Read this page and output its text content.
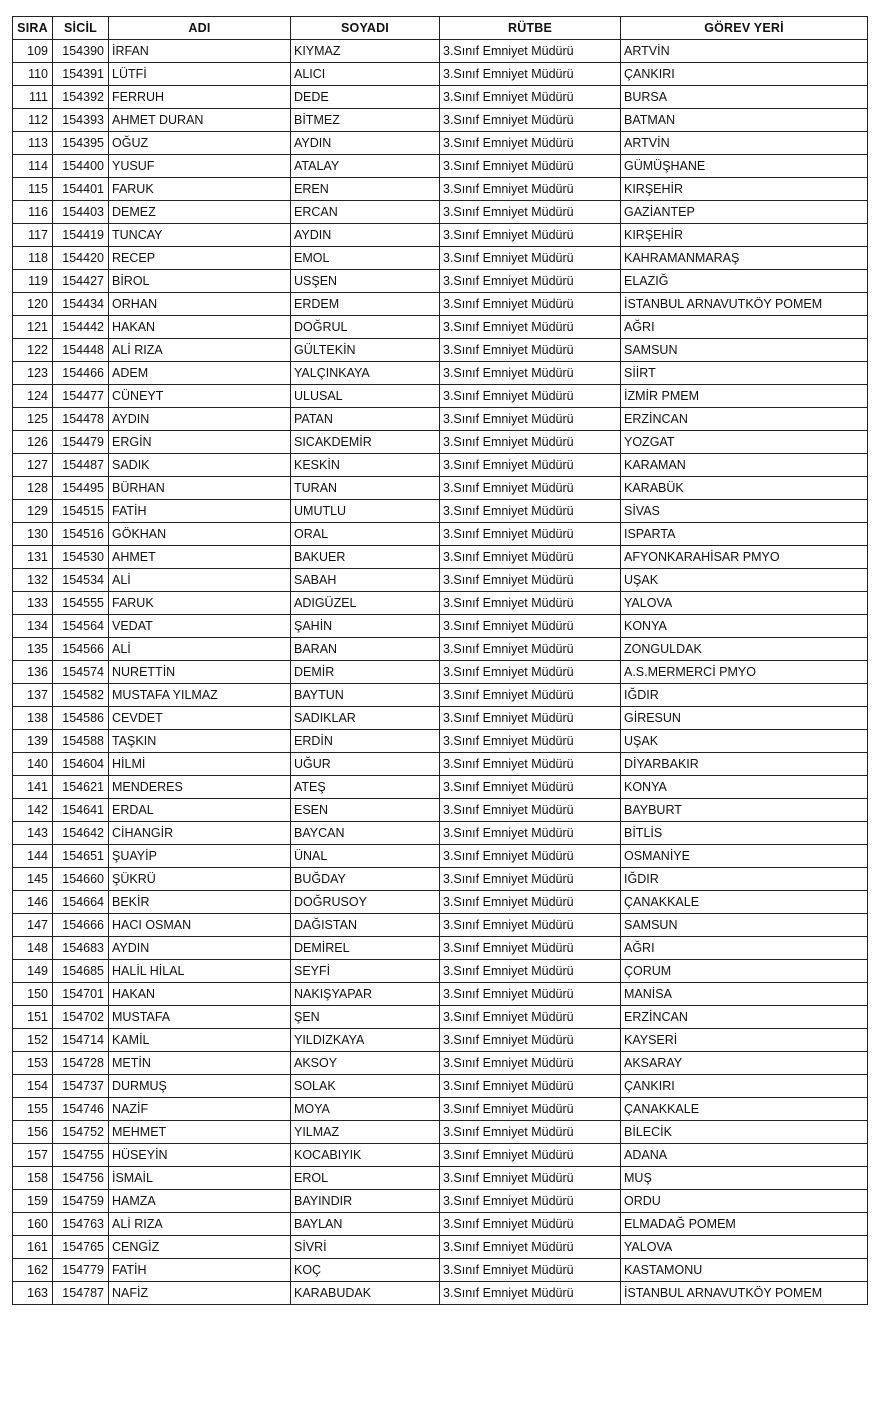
SIRA	SİCİL	ADI	SOYADI	RÜTBE	GÖREV YERİ
109	154390	İRFAN	KIYMAZ	3.Sınıf Emniyet Müdürü	ARTVİN
110	154391	LÜTFİ	ALICI	3.Sınıf Emniyet Müdürü	ÇANKIRI
111	154392	FERRUH	DEDE	3.Sınıf Emniyet Müdürü	BURSA
112	154393	AHMET DURAN	BİTMEZ	3.Sınıf Emniyet Müdürü	BATMAN
113	154395	OĞUZ	AYDIN	3.Sınıf Emniyet Müdürü	ARTVİN
114	154400	YUSUF	ATALAY	3.Sınıf Emniyet Müdürü	GÜMÜŞHANE
115	154401	FARUK	EREN	3.Sınıf Emniyet Müdürü	KIRŞEHİR
116	154403	DEMEZ	ERCAN	3.Sınıf Emniyet Müdürü	GAZİANTEP
117	154419	TUNCAY	AYDIN	3.Sınıf Emniyet Müdürü	KIRŞEHİR
118	154420	RECEP	EMOL	3.Sınıf Emniyet Müdürü	KAHRAMANMARAŞ
119	154427	BİROL	USŞEN	3.Sınıf Emniyet Müdürü	ELAZIĞ
120	154434	ORHAN	ERDEM	3.Sınıf Emniyet Müdürü	İSTANBUL ARNAVUTKÖY POMEM
121	154442	HAKAN	DOĞRUL	3.Sınıf Emniyet Müdürü	AĞRI
122	154448	ALİ RIZA	GÜLTEKİN	3.Sınıf Emniyet Müdürü	SAMSUN
123	154466	ADEM	YALÇINKAYA	3.Sınıf Emniyet Müdürü	SİİRT
124	154477	CÜNEYT	ULUSAL	3.Sınıf Emniyet Müdürü	İZMİR PMEM
125	154478	AYDIN	PATAN	3.Sınıf Emniyet Müdürü	ERZİNCAN
126	154479	ERGİN	SICAKDEMİR	3.Sınıf Emniyet Müdürü	YOZGAT
127	154487	SADIK	KESKİN	3.Sınıf Emniyet Müdürü	KARAMAN
128	154495	BÜRHAN	TURAN	3.Sınıf Emniyet Müdürü	KARABÜK
129	154515	FATİH	UMUTLU	3.Sınıf Emniyet Müdürü	SİVAS
130	154516	GÖKHAN	ORAL	3.Sınıf Emniyet Müdürü	ISPARTA
131	154530	AHMET	BAKUER	3.Sınıf Emniyet Müdürü	AFYONKARAHİSAR PMYO
132	154534	ALİ	SABAH	3.Sınıf Emniyet Müdürü	UŞAK
133	154555	FARUK	ADIGÜZEL	3.Sınıf Emniyet Müdürü	YALOVA
134	154564	VEDAT	ŞAHİN	3.Sınıf Emniyet Müdürü	KONYA
135	154566	ALİ	BARAN	3.Sınıf Emniyet Müdürü	ZONGULDAK
136	154574	NURETTİN	DEMİR	3.Sınıf Emniyet Müdürü	A.S.MERMERCİ PMYO
137	154582	MUSTAFA YILMAZ	BAYTUN	3.Sınıf Emniyet Müdürü	IĞDIR
138	154586	CEVDET	SADIKLAR	3.Sınıf Emniyet Müdürü	GİRESUN
139	154588	TAŞKIN	ERDİN	3.Sınıf Emniyet Müdürü	UŞAK
140	154604	HİLMİ	UĞUR	3.Sınıf Emniyet Müdürü	DİYARBAKIR
141	154621	MENDERES	ATEŞ	3.Sınıf Emniyet Müdürü	KONYA
142	154641	ERDAL	ESEN	3.Sınıf Emniyet Müdürü	BAYBURT
143	154642	CİHANGİR	BAYCAN	3.Sınıf Emniyet Müdürü	BİTLİS
144	154651	ŞUAYİP	ÜNAL	3.Sınıf Emniyet Müdürü	OSMANİYE
145	154660	ŞÜKRÜ	BUĞDAY	3.Sınıf Emniyet Müdürü	IĞDIR
146	154664	BEKİR	DOĞRUSOY	3.Sınıf Emniyet Müdürü	ÇANAKKALE
147	154666	HACI OSMAN	DAĞISTAN	3.Sınıf Emniyet Müdürü	SAMSUN
148	154683	AYDIN	DEMİREL	3.Sınıf Emniyet Müdürü	AĞRI
149	154685	HALİL HİLAL	SEYFİ	3.Sınıf Emniyet Müdürü	ÇORUM
150	154701	HAKAN	NAKIŞYAPAR	3.Sınıf Emniyet Müdürü	MANİSA
151	154702	MUSTAFA	ŞEN	3.Sınıf Emniyet Müdürü	ERZİNCAN
152	154714	KAMİL	YILDIZKAYA	3.Sınıf Emniyet Müdürü	KAYSERİ
153	154728	METİN	AKSOY	3.Sınıf Emniyet Müdürü	AKSARAY
154	154737	DURMUŞ	SOLAK	3.Sınıf Emniyet Müdürü	ÇANKIRI
155	154746	NAZİF	MOYA	3.Sınıf Emniyet Müdürü	ÇANAKKALE
156	154752	MEHMET	YILMAZ	3.Sınıf Emniyet Müdürü	BİLECİK
157	154755	HÜSEYİN	KOCABIYIK	3.Sınıf Emniyet Müdürü	ADANA
158	154756	İSMAİL	EROL	3.Sınıf Emniyet Müdürü	MUŞ
159	154759	HAMZA	BAYINDIR	3.Sınıf Emniyet Müdürü	ORDU
160	154763	ALİ RIZA	BAYLAN	3.Sınıf Emniyet Müdürü	ELMADAĞ POMEM
161	154765	CENGİZ	SİVRİ	3.Sınıf Emniyet Müdürü	YALOVA
162	154779	FATİH	KOÇ	3.Sınıf Emniyet Müdürü	KASTAMONU
163	154787	NAFİZ	KARABUDAK	3.Sınıf Emniyet Müdürü	İSTANBUL ARNAVUTKÖY POMEM
